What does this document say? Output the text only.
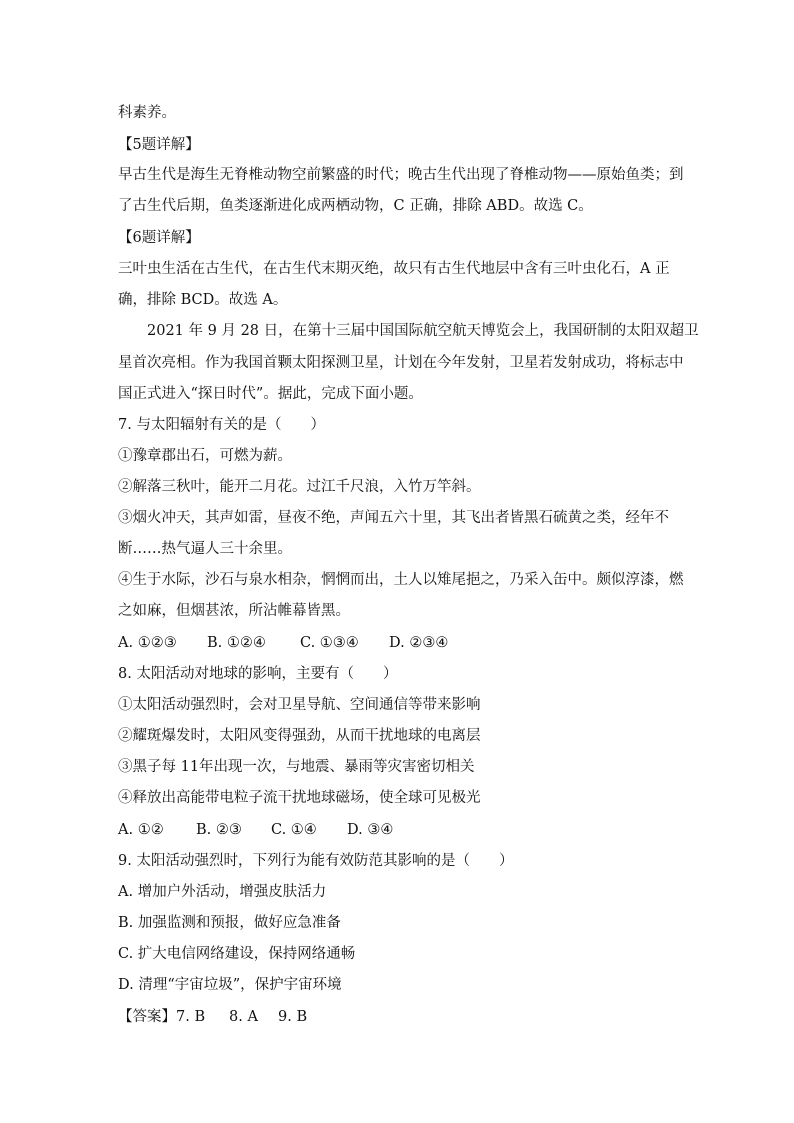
科素养。
【5题详解】
早古生代是海生无脊椎动物空前繁盛的时代；晚古生代出现了脊椎动物——原始鱼类；到
了古生代后期，鱼类逐渐进化成两栖动物，C 正确，排除 ABD。故选 C。
【6题详解】
三叶虫生活在古生代，在古生代末期灭绝，故只有古生代地层中含有三叶虫化石，A 正
确，排除 BCD。故选 A。
2021 年 9 月 28 日，在第十三届中国国际航空航天博览会上，我国研制的太阳双超卫
星首次亮相。作为我国首颗太阳探测卫星，计划在今年发射，卫星若发射成功，将标志中
国正式进入“探日时代”。据此，完成下面小题。
7. 与太阳辐射有关的是（　　）
①豫章郡出石，可燃为薪。
②解落三秋叶，能开二月花。过江千尺浪，入竹万竿斜。
③烟火冲天，其声如雷，昼夜不绝，声闻五六十里，其飞出者皆黑石硫黄之类，经年不
断……热气逼人三十余里。
④生于水际，沙石与泉水相杂，惘惘而出，土人以雉尾挹之，乃采入缶中。颇似淳漆，燃
之如麻，但烟甚浓，所沾帷幕皆黑。
A. ①②③ B. ①②④ C. ①③④ D. ②③④
8. 太阳活动对地球的影响，主要有（　　）
①太阳活动强烈时，会对卫星导航、空间通信等带来影响
②耀斑爆发时，太阳风变得强劲，从而干扰地球的电离层
③黑子每 11年出现一次，与地震、暴雨等灾害密切相关
④释放出高能带电粒子流干扰地球磁场，使全球可见极光
A. ①② B. ②③ C. ①④ D. ③④
9. 太阳活动强烈时，下列行为能有效防范其影响的是（　　）
A. 增加户外活动，增强皮肤活力
B. 加强监测和预报，做好应急准备
C. 扩大电信网络建设，保持网络通畅
D. 清理“宇宙垃圾”，保护宇宙环境
【答案】 7. B 8. A 9. B
